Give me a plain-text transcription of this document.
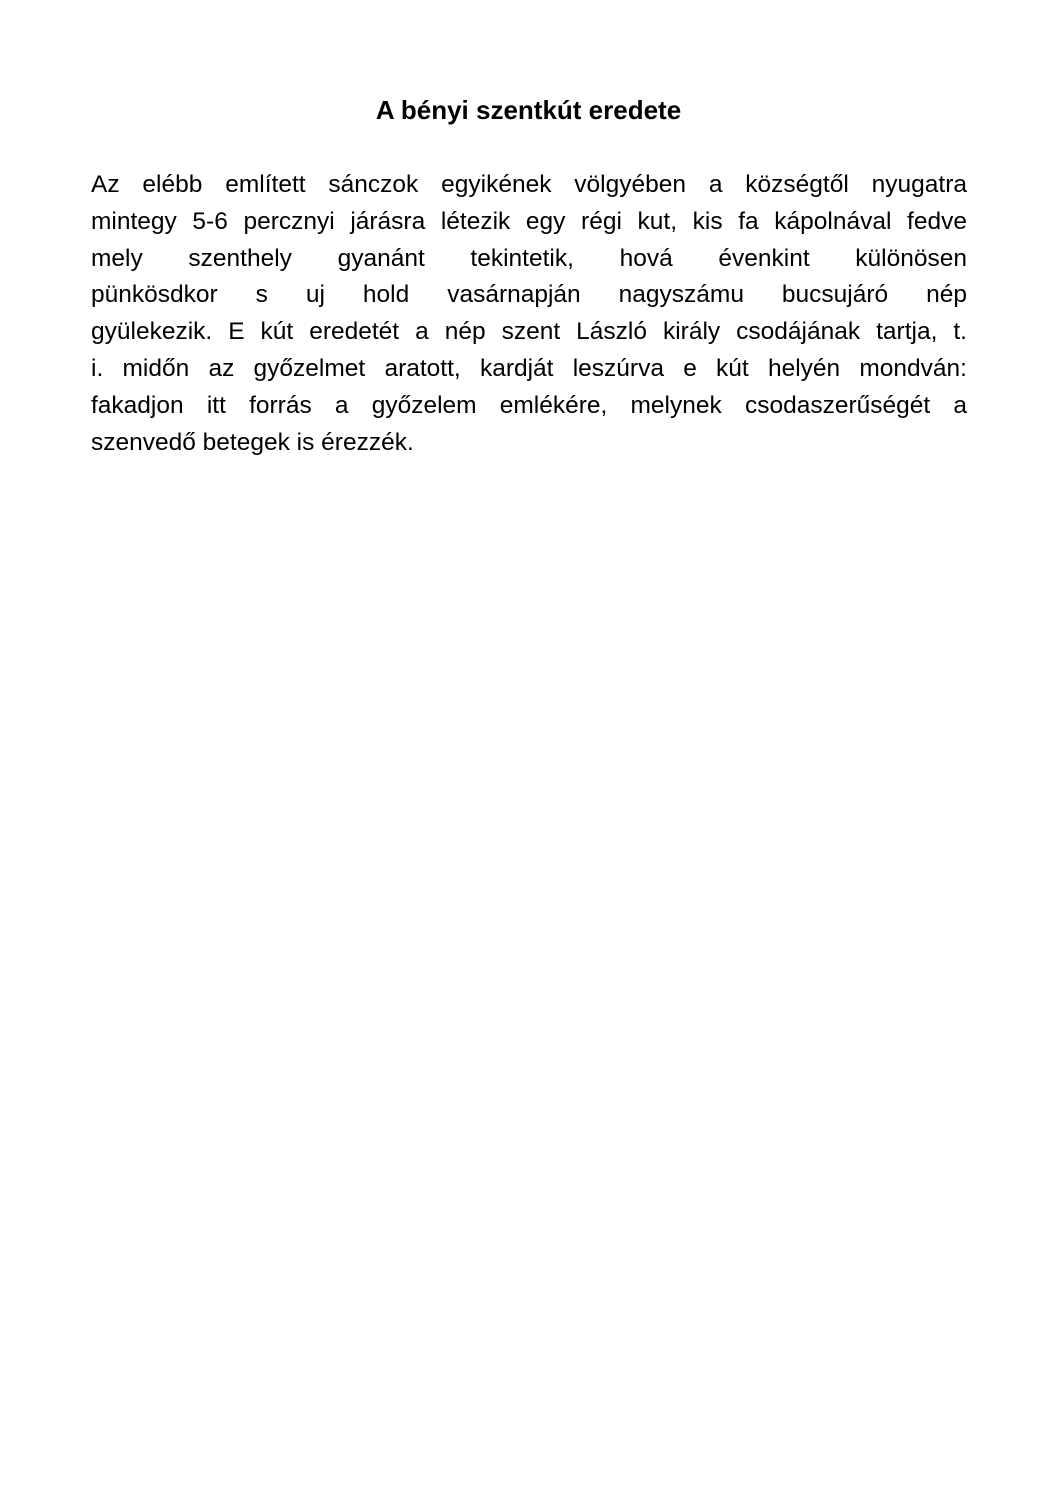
A bényi szentkút eredete
Az elébb említett sánczok egyikének völgyében a községtől nyugatra
mintegy 5-6 percznyi járásra létezik egy régi kut, kis fa kápolnával fedve
mely szenthely gyanánt tekintetik, hová évenkint különösen
pünkösdkor s uj hold vasárnapján nagyszámu bucsujáró nép
gyülekezik. E kút eredetét a nép szent László király csodájának tartja, t.
i. midőn az győzelmet aratott, kardját leszúrva e kút helyén mondván:
fakadjon itt forrás a győzelem emlékére, melynek csodaszerűségét a
szenvedő betegek is érezzék.
